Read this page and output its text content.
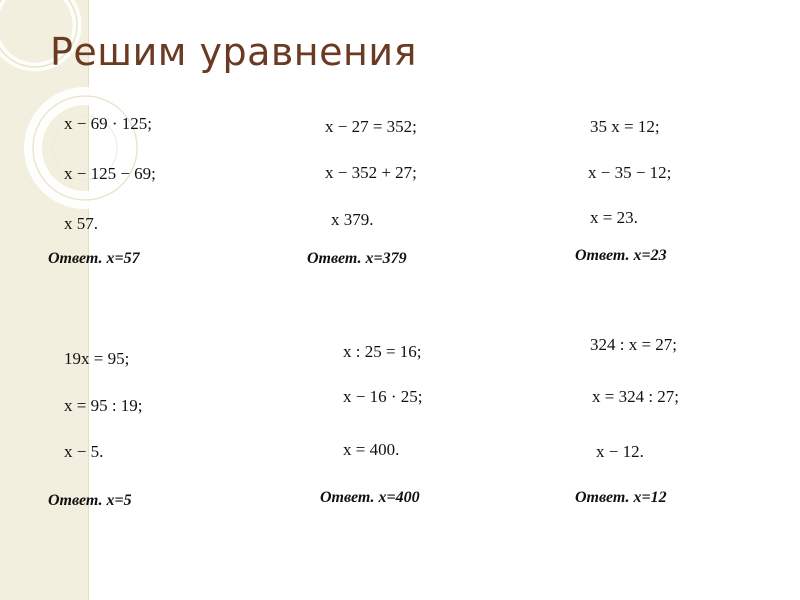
Решим уравнения
x − 69 · 125;
x − 125 − 69;
x 57.
Ответ. х=57
x − 27 = 352;
x − 352 + 27;
x 379.
Ответ. х=379
35 x = 12;
x − 35 − 12;
x = 23.
Ответ. х=23
19x = 95;
x = 95 : 19;
x − 5.
Ответ. х=5
x : 25 = 16;
x − 16 · 25;
x = 400.
Ответ. х=400
324 : x = 27;
x = 324 : 27;
x − 12.
Ответ. х=12
